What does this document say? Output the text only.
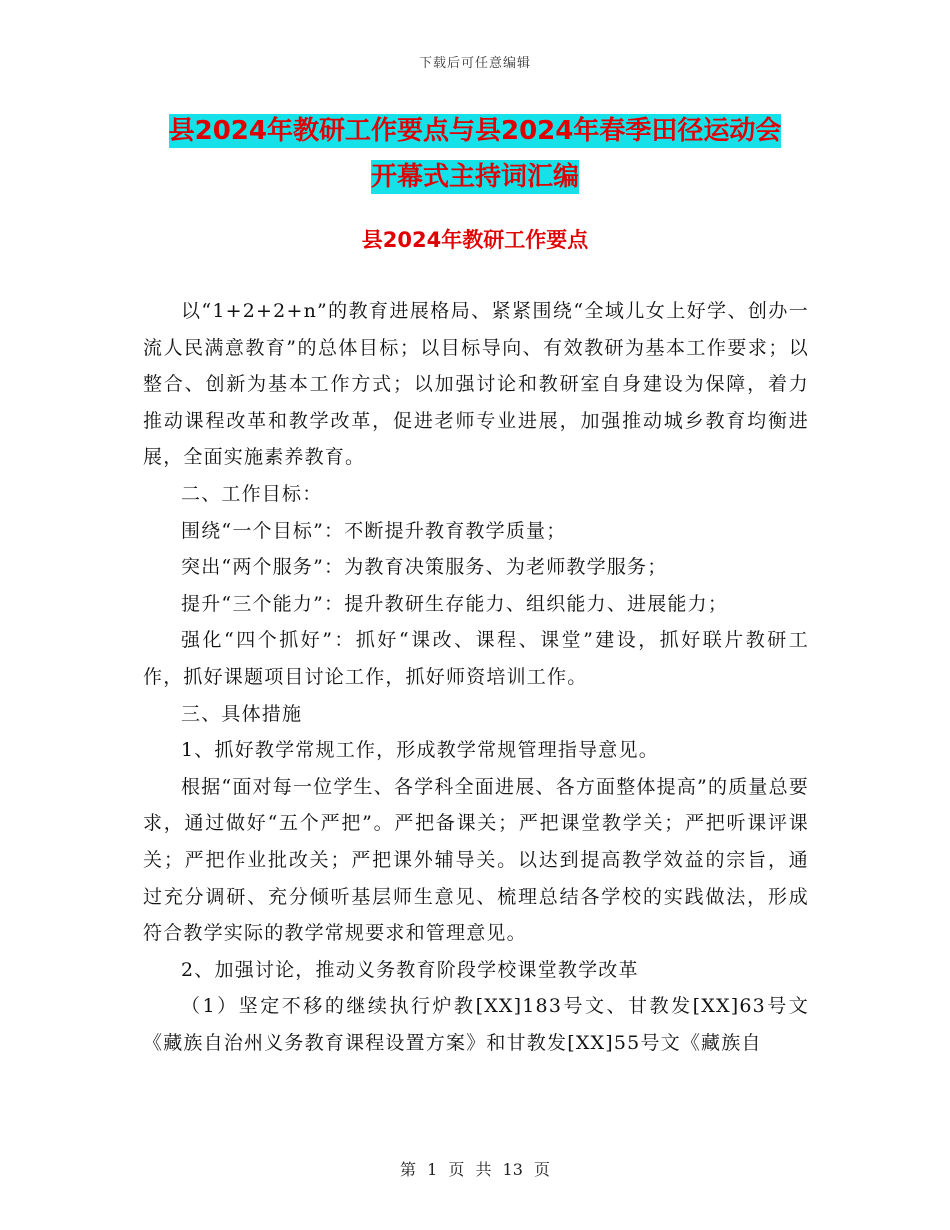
下载后可任意编辑
县2024年教研工作要点与县2024年春季田径运动会
开幕式主持词汇编
县2024年教研工作要点

以“1+2+2+n”的教育进展格局、紧紧围绕“全域儿女上好学、创办一流人民满意教育”的总体目标；以目标导向、有效教研为基本工作要求；以整合、创新为基本工作方式；以加强讨论和教研室自身建设为保障，着力推动课程改革和教学改革，促进老师专业进展，加强推动城乡教育均衡进展，全面实施素养教育。

二、工作目标：

围绕“一个目标”：不断提升教育教学质量；

突出“两个服务”：为教育决策服务、为老师教学服务；

提升“三个能力”：提升教研生存能力、组织能力、进展能力；

强化“四个抓好”：抓好“课改、课程、课堂”建设，抓好联片教研工作，抓好课题项目讨论工作，抓好师资培训工作。

三、具体措施

1、抓好教学常规工作，形成教学常规管理指导意见。

根据“面对每一位学生、各学科全面进展、各方面整体提高”的质量总要求，通过做好“五个严把”。严把备课关；严把课堂教学关；严把听课评课关；严把作业批改关；严把课外辅导关。以达到提高教学效益的宗旨，通过充分调研、充分倾听基层师生意见、梳理总结各学校的实践做法，形成符合教学实际的教学常规要求和管理意见。

2、加强讨论，推动义务教育阶段学校课堂教学改革

（1）坚定不移的继续执行炉教[XX]183号文、甘教发[XX]63号文《藏族自治州义务教育课程设置方案》和甘教发[XX]55号文《藏族自

第 1 页 共 13 页
